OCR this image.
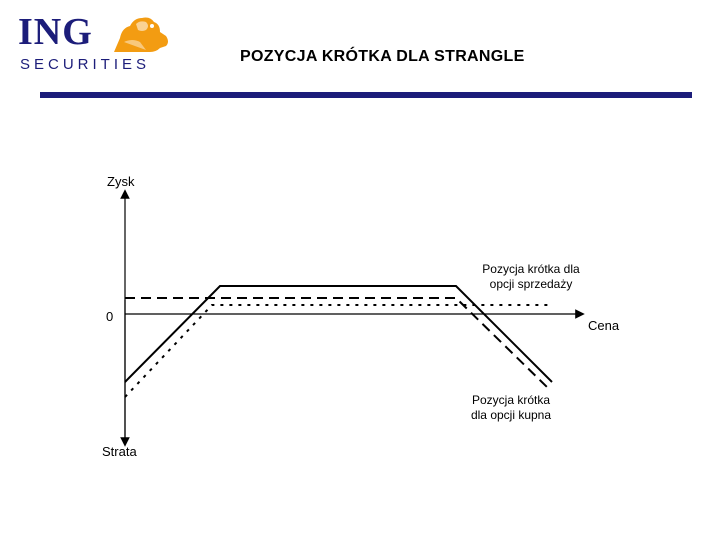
ING
SECURITIES	POZYCJA KRÓTKA DLA STRANGLE
Zysk
Strata
0
Cena
Pozycja krótka dla
opcji sprzedaży
Pozycja krótka
dla opcji kupna
